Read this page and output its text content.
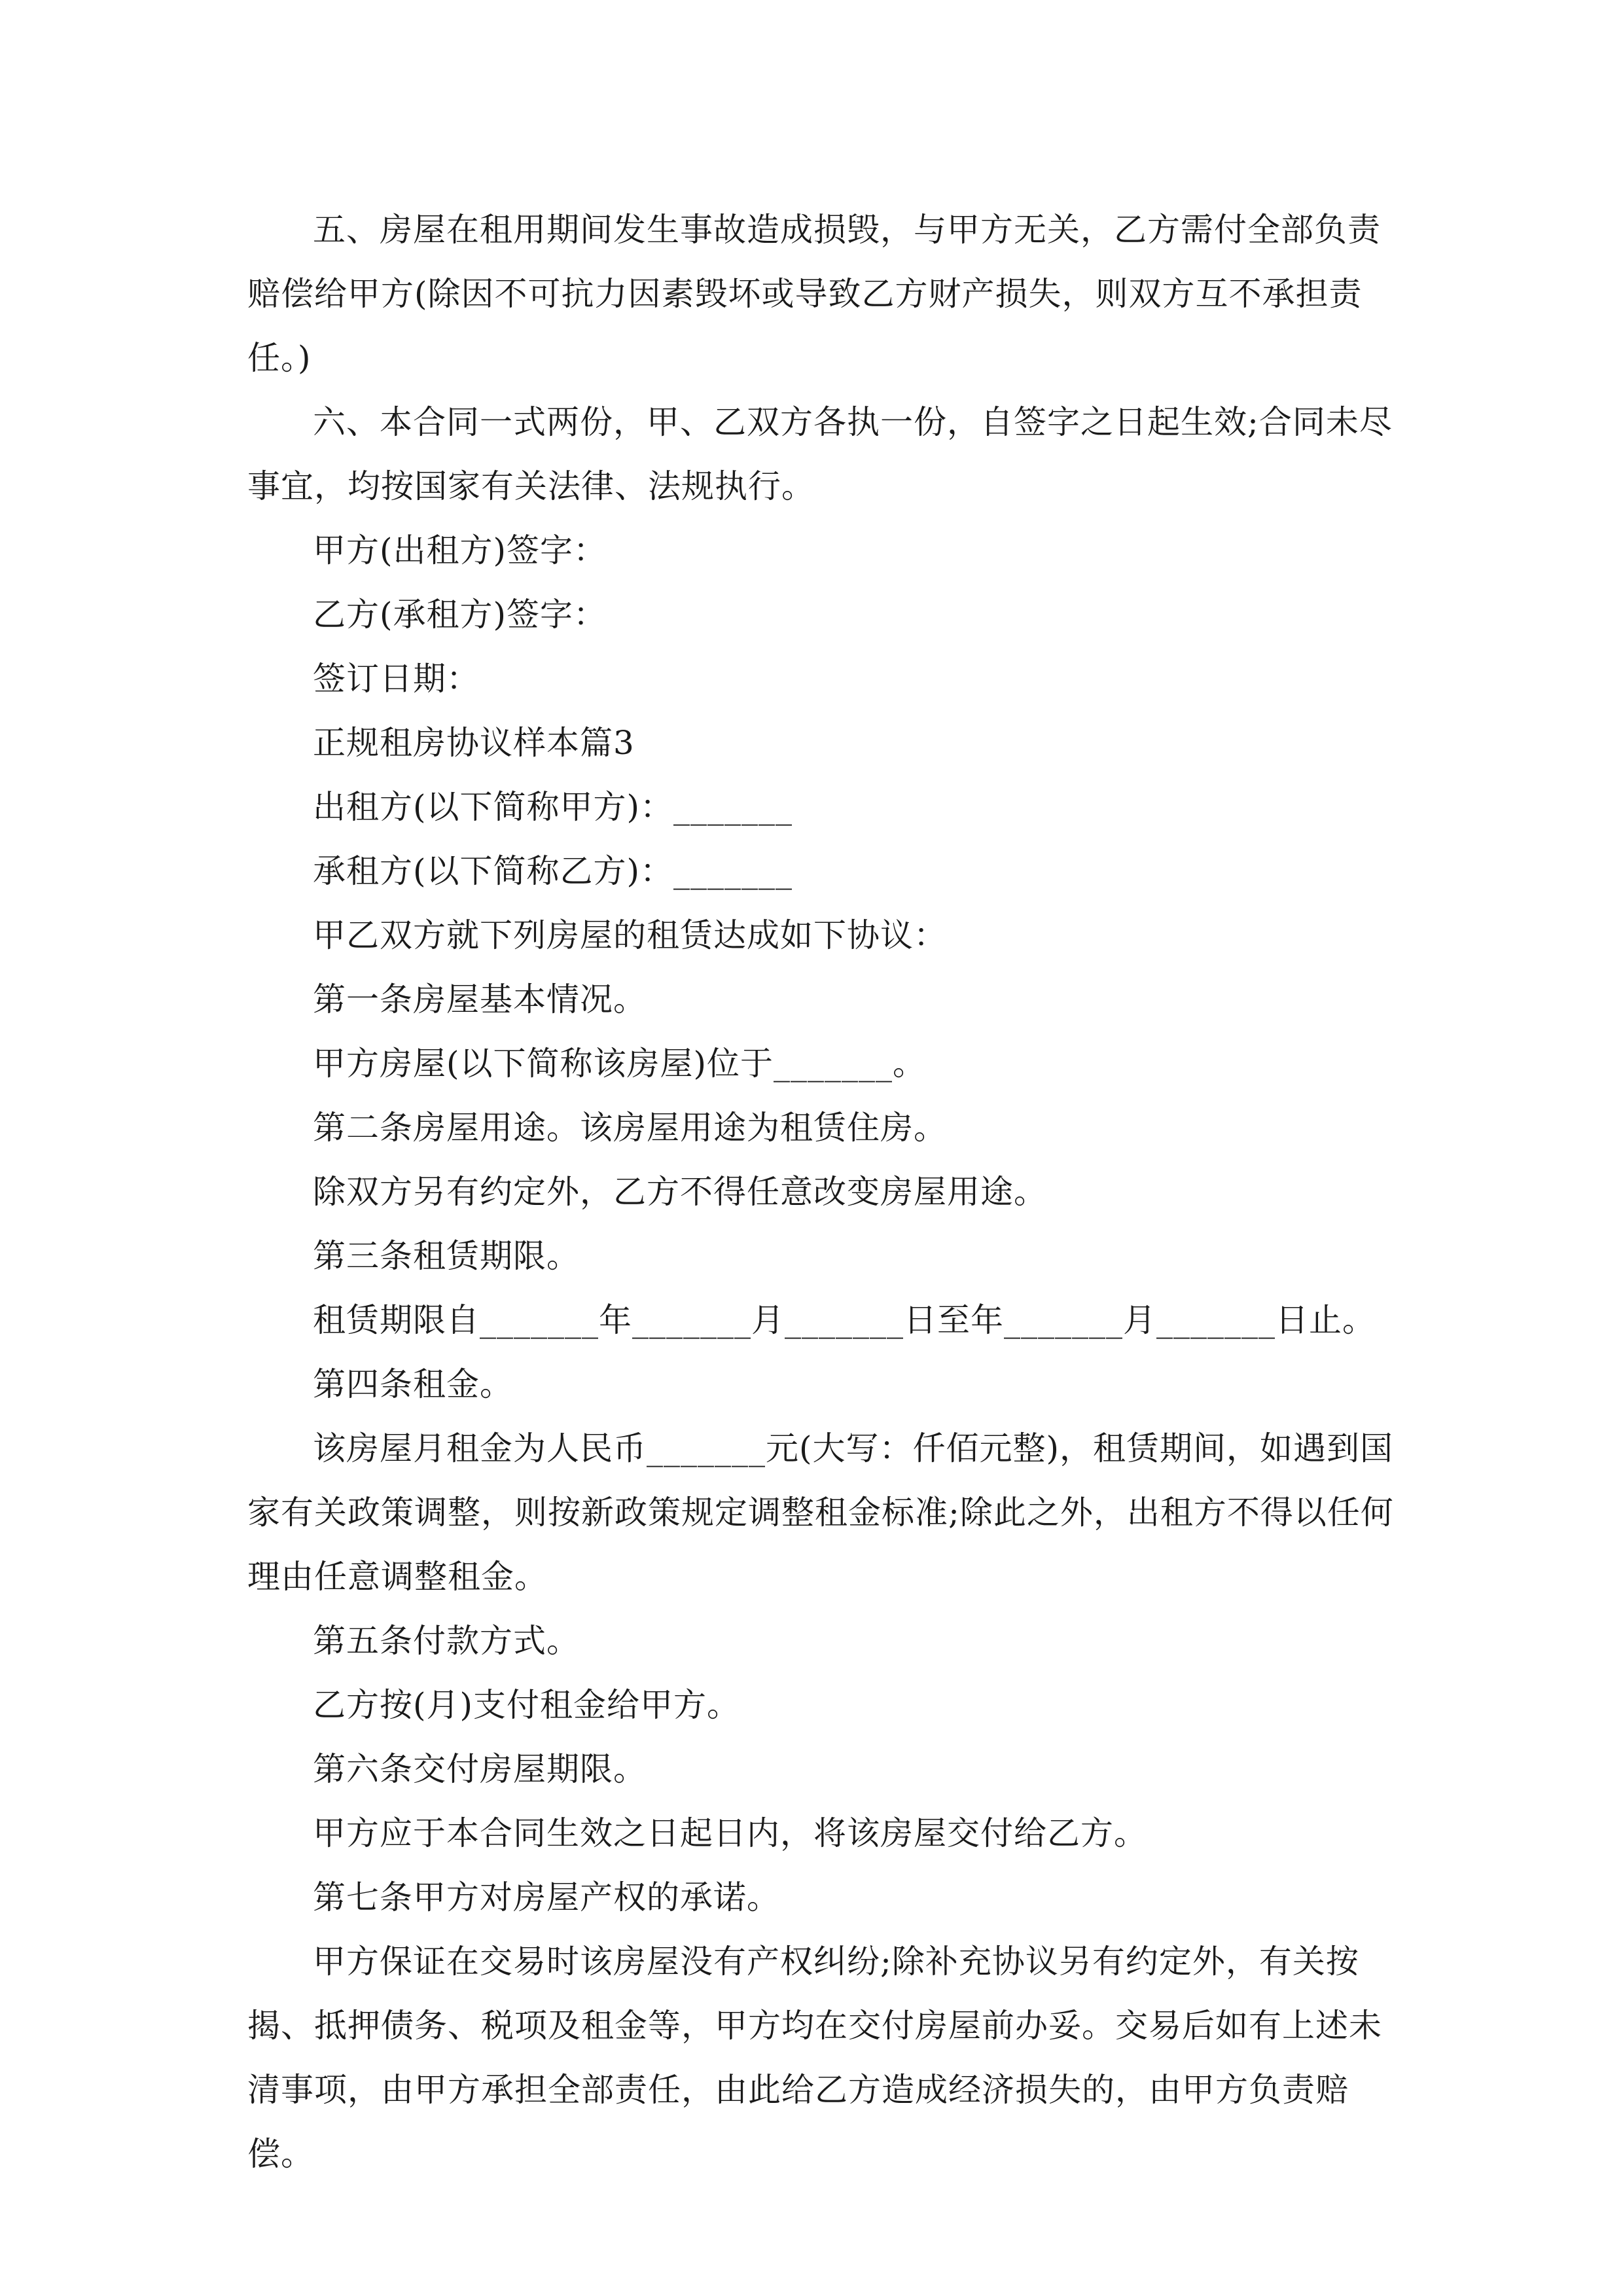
五、房屋在租用期间发生事故造成损毁，与甲方无关，乙方需付全部负责赔偿给甲方(除因不可抗力因素毁坏或导致乙方财产损失，则双方互不承担责任。)

六、本合同一式两份，甲、乙双方各执一份，自签字之日起生效;合同未尽事宜，均按国家有关法律、法规执行。

甲方(出租方)签字：

乙方(承租方)签字：

签订日期：

正规租房协议样本篇3

出租方(以下简称甲方)：_______

承租方(以下简称乙方)：_______

甲乙双方就下列房屋的租赁达成如下协议：

第一条房屋基本情况。

甲方房屋(以下简称该房屋)位于_______。

第二条房屋用途。该房屋用途为租赁住房。

除双方另有约定外，乙方不得任意改变房屋用途。

第三条租赁期限。

租赁期限自_______年_______月_______日至年_______月_______日止。

第四条租金。

该房屋月租金为人民币_______元(大写：仟佰元整)，租赁期间，如遇到国家有关政策调整，则按新政策规定调整租金标准;除此之外，出租方不得以任何理由任意调整租金。

第五条付款方式。

乙方按(月)支付租金给甲方。

第六条交付房屋期限。

甲方应于本合同生效之日起日内，将该房屋交付给乙方。

第七条甲方对房屋产权的承诺。

甲方保证在交易时该房屋没有产权纠纷;除补充协议另有约定外，有关按揭、抵押债务、税项及租金等，甲方均在交付房屋前办妥。交易后如有上述未清事项，由甲方承担全部责任，由此给乙方造成经济损失的，由甲方负责赔偿。
